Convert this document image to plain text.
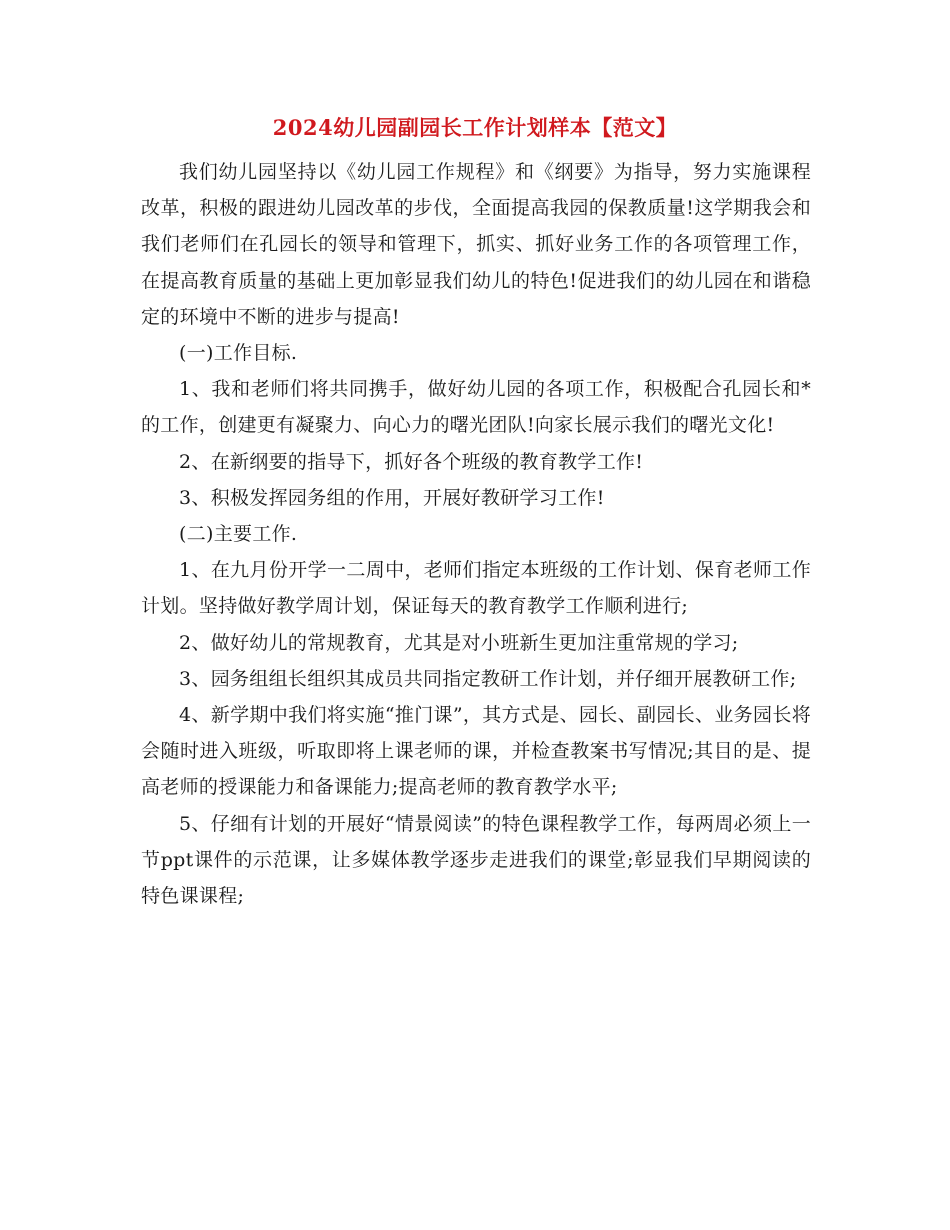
2024幼儿园副园长工作计划样本【范文】

我们幼儿园坚持以《幼儿园工作规程》和《纲要》为指导，努力实施课程改革，积极的跟进幼儿园改革的步伐，全面提高我园的保教质量!这学期我会和我们老师们在孔园长的领导和管理下，抓实、抓好业务工作的各项管理工作，在提高教育质量的基础上更加彰显我们幼儿的特色!促进我们的幼儿园在和谐稳定的环境中不断的进步与提高!

(一)工作目标.

1、我和老师们将共同携手，做好幼儿园的各项工作，积极配合孔园长和*的工作，创建更有凝聚力、向心力的曙光团队!向家长展示我们的曙光文化!

2、在新纲要的指导下，抓好各个班级的教育教学工作!

3、积极发挥园务组的作用，开展好教研学习工作!

(二)主要工作.

1、在九月份开学一二周中，老师们指定本班级的工作计划、保育老师工作计划。坚持做好教学周计划，保证每天的教育教学工作顺利进行;

2、做好幼儿的常规教育，尤其是对小班新生更加注重常规的学习;

3、园务组组长组织其成员共同指定教研工作计划，并仔细开展教研工作;

4、新学期中我们将实施“推门课”，其方式是、园长、副园长、业务园长将会随时进入班级，听取即将上课老师的课，并检查教案书写情况;其目的是、提高老师的授课能力和备课能力;提高老师的教育教学水平;

5、仔细有计划的开展好“情景阅读”的特色课程教学工作，每两周必须上一节ppt课件的示范课，让多媒体教学逐步走进我们的课堂;彰显我们早期阅读的特色课课程;
